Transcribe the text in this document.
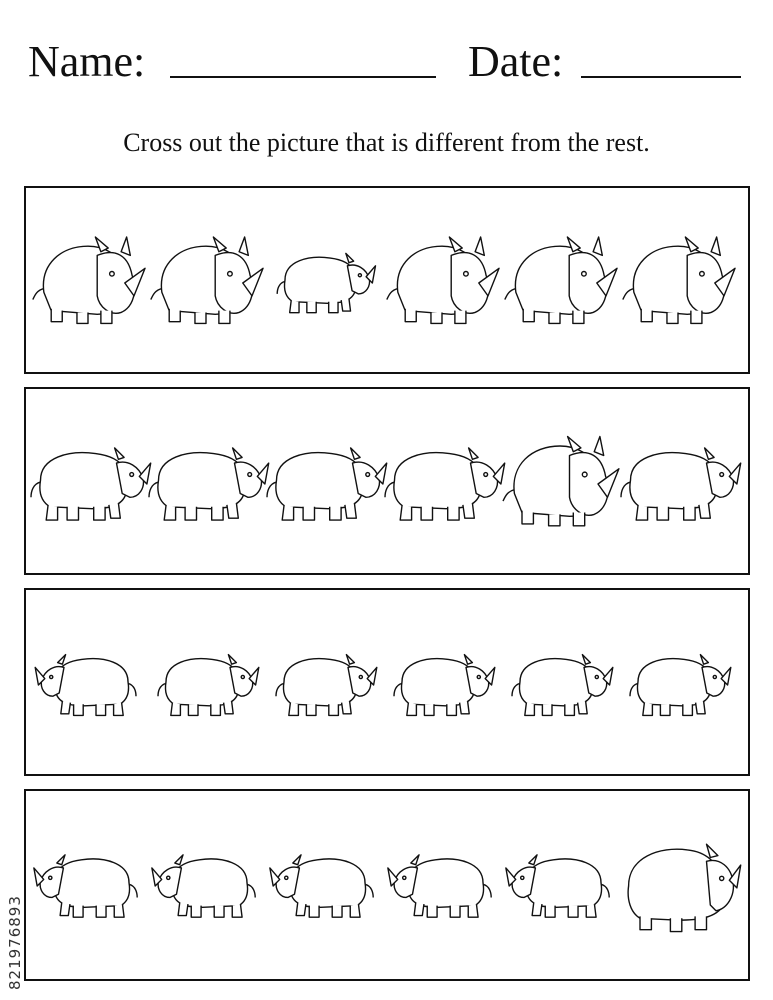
Name:	Date:
Cross out the picture that is different from the rest.
821976893
